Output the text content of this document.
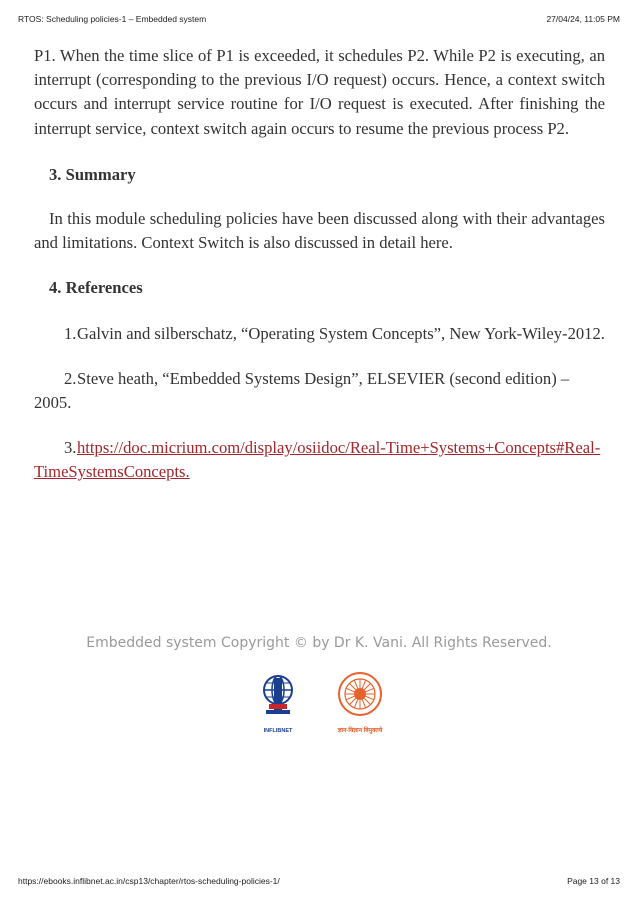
RTOS: Scheduling policies-1 – Embedded system	27/04/24, 11:05 PM

P1. When the time slice of P1 is exceeded, it schedules P2. While P2 is executing, an interrupt (corresponding to the previous I/O request) occurs. Hence, a context switch occurs and interrupt service routine for I/O request is executed. After finishing the interrupt service, context switch again occurs to resume the previous process P2.

3. Summary

In this module scheduling policies have been discussed along with their advantages and limitations. Context Switch is also discussed in detail here.

4. References

1.Galvin and silberschatz, “Operating System Concepts”, New York-Wiley-2012.

2.Steve heath, “Embedded Systems Design”, ELSEVIER (second edition) – 2005.

3.https://doc.micrium.com/display/osiidoc/Real-Time+Systems+Concepts#Real-TimeSystemsConcepts.

Embedded system Copyright © by Dr K. Vani. All Rights Reserved.
INFLIBNET	ज्ञान-विज्ञान विमुक्तये
https://ebooks.inflibnet.ac.in/csp13/chapter/rtos-scheduling-policies-1/	Page 13 of 13
